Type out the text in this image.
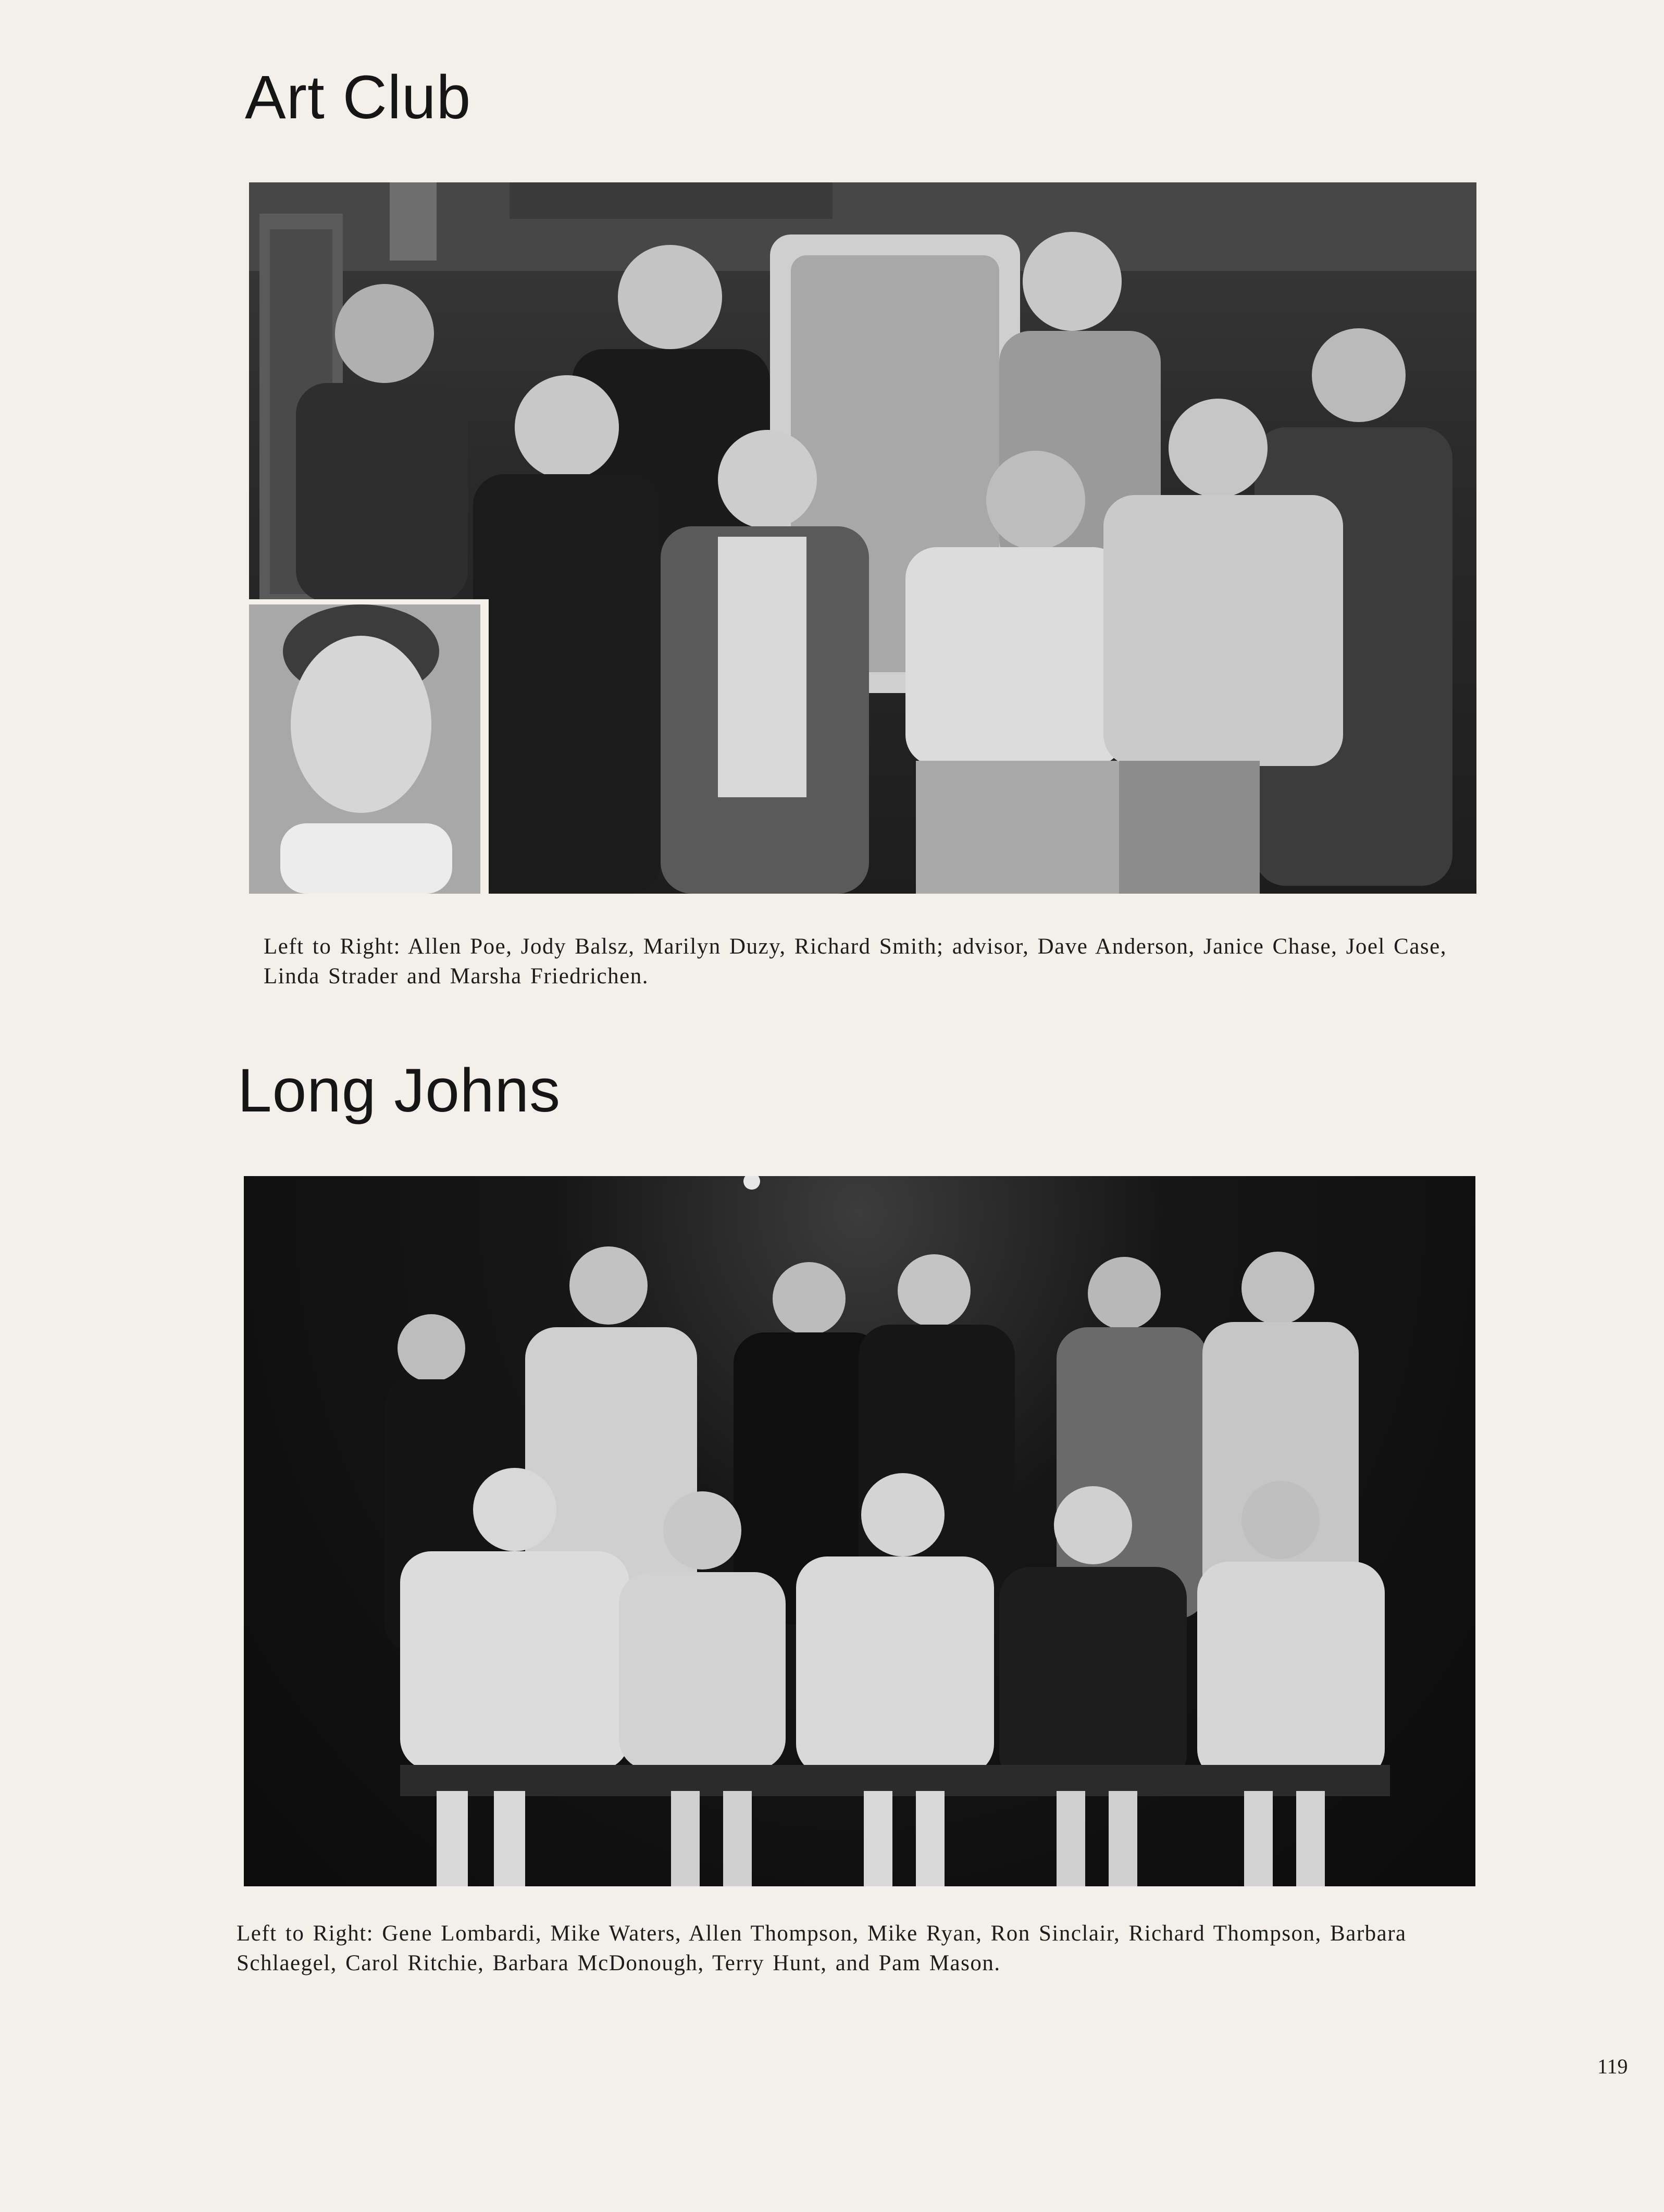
Art Club

Left to Right: Allen Poe, Jody Balsz, Marilyn Duzy, Richard Smith; advisor, Dave Anderson, Janice Chase, Joel Case, Linda Strader and Marsha Friedrichen.

Long Johns

Left to Right: Gene Lombardi, Mike Waters, Allen Thompson, Mike Ryan, Ron Sinclair, Richard Thompson, Barbara Schlaegel, Carol Ritchie, Barbara McDonough, Terry Hunt, and Pam Mason.

119
